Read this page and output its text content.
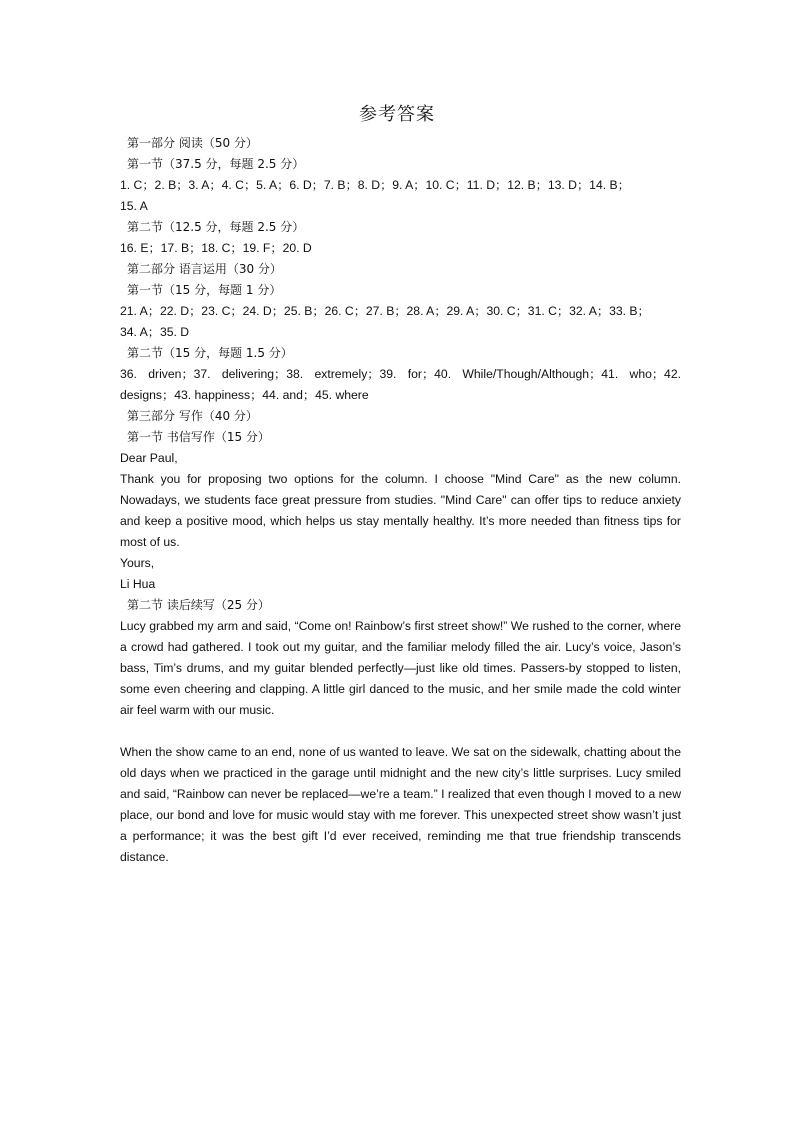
参考答案

第一部分 阅读（50 分）

第一节（37.5 分，每题 2.5 分）

1. C；2. B；3. A；4. C；5. A；6. D；7. B；8. D；9. A；10. C；11. D；12. B；13. D；14. B；

15. A

第二节（12.5 分，每题 2.5 分）

16. E；17. B；18. C；19. F；20. D

第二部分 语言运用（30 分）

第一节（15 分，每题 1 分）

21. A；22. D；23. C；24. D；25. B；26. C；27. B；28. A；29. A；30. C；31. C；32. A；33. B；

34. A；35. D

第二节（15 分，每题 1.5 分）

36. driven；37. delivering；38. extremely；39. for；40. While/Though/Although；41. who；42. designs；43. happiness；44. and；45. where

第三部分 写作（40 分）

第一节 书信写作（15 分）

Dear Paul,

Thank you for proposing two options for the column. I choose "Mind Care" as the new column. Nowadays, we students face great pressure from studies. "Mind Care" can offer tips to reduce anxiety and keep a positive mood, which helps us stay mentally healthy. It’s more needed than fitness tips for most of us.

Yours,

Li Hua

第二节 读后续写（25 分）

Lucy grabbed my arm and said, “Come on! Rainbow’s first street show!” We rushed to the corner, where a crowd had gathered. I took out my guitar, and the familiar melody filled the air. Lucy’s voice, Jason’s bass, Tim’s drums, and my guitar blended perfectly—just like old times. Passers-by stopped to listen, some even cheering and clapping. A little girl danced to the music, and her smile made the cold winter air feel warm with our music.

When the show came to an end, none of us wanted to leave. We sat on the sidewalk, chatting about the old days when we practiced in the garage until midnight and the new city’s little surprises. Lucy smiled and said, “Rainbow can never be replaced—we’re a team.” I realized that even though I moved to a new place, our bond and love for music would stay with me forever. This unexpected street show wasn’t just a performance; it was the best gift I’d ever received, reminding me that true friendship transcends distance.
